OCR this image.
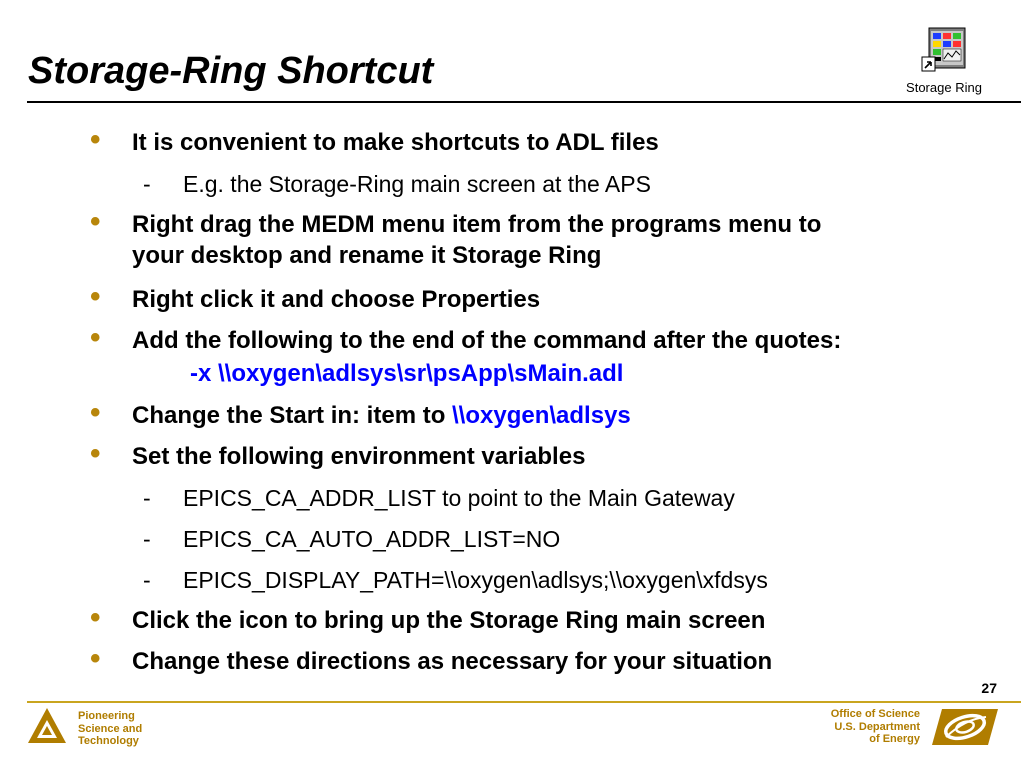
Storage-Ring Shortcut	Storage Ring
• It is convenient to make shortcuts to ADL files
- E.g. the Storage-Ring main screen at the APS
• Right drag the MEDM menu item from the programs menu to
your desktop and rename it Storage Ring
• Right click it and choose Properties
• Add the following to the end of the command after the quotes:
-x \\oxygen\adlsys\sr\psApp\sMain.adl
• Change the Start in: item to \\oxygen\adlsys
• Set the following environment variables
- EPICS_CA_ADDR_LIST to point to the Main Gateway
- EPICS_CA_AUTO_ADDR_LIST=NO
- EPICS_DISPLAY_PATH=\\oxygen\adlsys;\\oxygen\xfdsys
• Click the icon to bring up the Storage Ring main screen
• Change these directions as necessary for your situation
27
Pioneering
Science and
Technology
Office of Science
U.S. Department
of Energy
